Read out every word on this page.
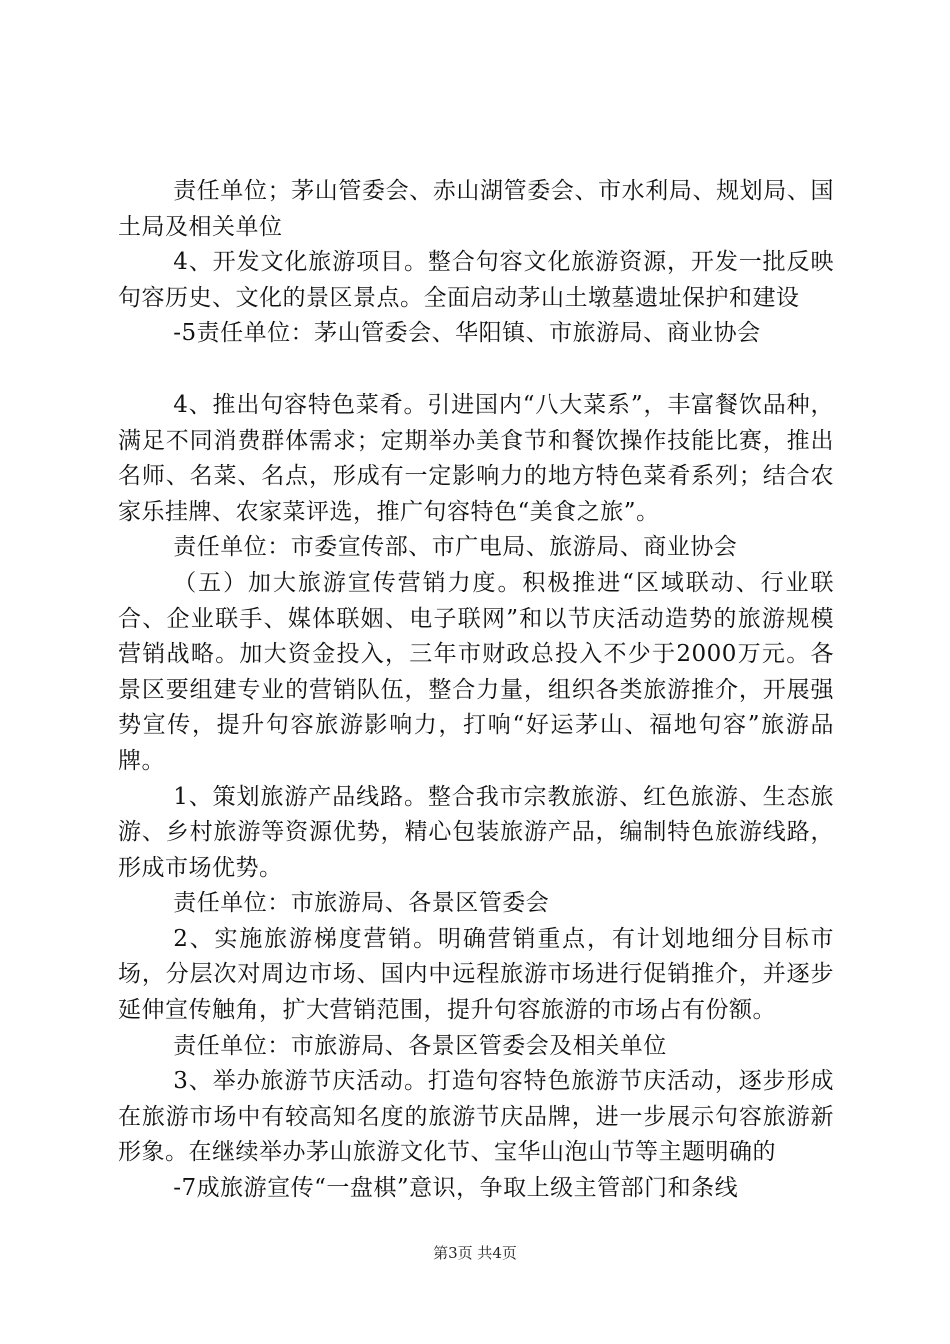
责任单位；茅山管委会、赤山湖管委会、市水利局、规划局、国土局及相关单位

4、开发文化旅游项目。整合句容文化旅游资源，开发一批反映句容历史、文化的景区景点。全面启动茅山土墩墓遗址保护和建设

-5责任单位：茅山管委会、华阳镇、市旅游局、商业协会

4、推出句容特色菜肴。引进国内“八大菜系”，丰富餐饮品种，满足不同消费群体需求；定期举办美食节和餐饮操作技能比赛，推出名师、名菜、名点，形成有一定影响力的地方特色菜肴系列；结合农家乐挂牌、农家菜评选，推广句容特色“美食之旅”。

责任单位：市委宣传部、市广电局、旅游局、商业协会

（五）加大旅游宣传营销力度。积极推进“区域联动、行业联合、企业联手、媒体联姻、电子联网”和以节庆活动造势的旅游规模营销战略。加大资金投入，三年市财政总投入不少于2000万元。各景区要组建专业的营销队伍，整合力量，组织各类旅游推介，开展强势宣传，提升句容旅游影响力，打响“好运茅山、福地句容”旅游品牌。

1、策划旅游产品线路。整合我市宗教旅游、红色旅游、生态旅游、乡村旅游等资源优势，精心包装旅游产品，编制特色旅游线路，形成市场优势。

责任单位：市旅游局、各景区管委会

2、实施旅游梯度营销。明确营销重点，有计划地细分目标市场，分层次对周边市场、国内中远程旅游市场进行促销推介，并逐步延伸宣传触角，扩大营销范围，提升句容旅游的市场占有份额。

责任单位：市旅游局、各景区管委会及相关单位

3、举办旅游节庆活动。打造句容特色旅游节庆活动，逐步形成在旅游市场中有较高知名度的旅游节庆品牌，进一步展示句容旅游新形象。在继续举办茅山旅游文化节、宝华山泡山节等主题明确的

-7成旅游宣传“一盘棋”意识，争取上级主管部门和条线

第3页 共4页
